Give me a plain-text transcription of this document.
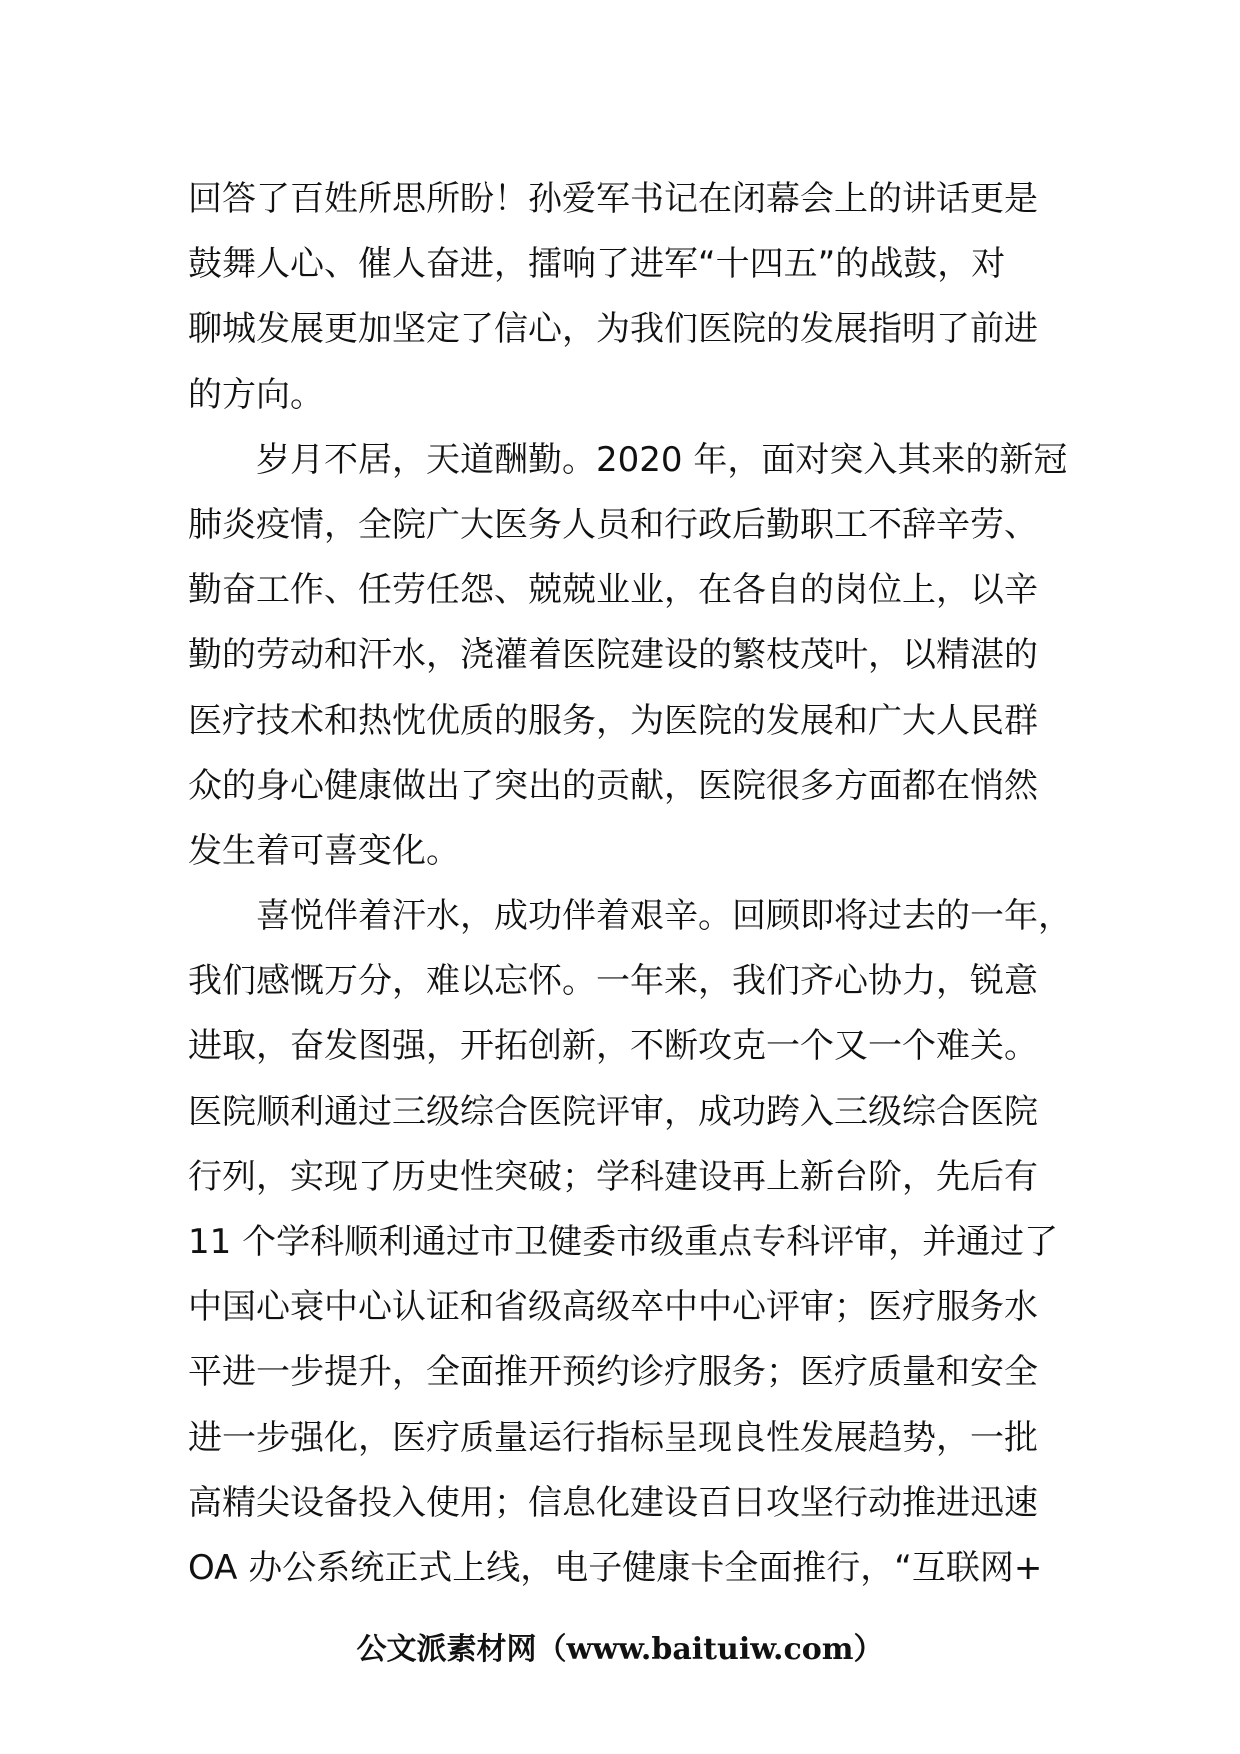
回答了百姓所思所盼！孙爱军书记在闭幕会上的讲话更是
鼓舞人心、催人奋进，擂响了进军“十四五”的战鼓，对
聊城发展更加坚定了信心，为我们医院的发展指明了前进
的方向。
岁月不居，天道酬勤。2020 年，面对突入其来的新冠
肺炎疫情，全院广大医务人员和行政后勤职工不辞辛劳、
勤奋工作、任劳任怨、兢兢业业，在各自的岗位上，以辛
勤的劳动和汗水，浇灌着医院建设的繁枝茂叶，以精湛的
医疗技术和热忱优质的服务，为医院的发展和广大人民群
众的身心健康做出了突出的贡献，医院很多方面都在悄然
发生着可喜变化。
喜悦伴着汗水，成功伴着艰辛。回顾即将过去的一年，
我们感慨万分，难以忘怀。一年来，我们齐心协力，锐意
进取，奋发图强，开拓创新，不断攻克一个又一个难关。
医院顺利通过三级综合医院评审，成功跨入三级综合医院
行列，实现了历史性突破；学科建设再上新台阶，先后有
11 个学科顺利通过市卫健委市级重点专科评审，并通过了
中国心衰中心认证和省级高级卒中中心评审；医疗服务水
平进一步提升，全面推开预约诊疗服务；医疗质量和安全
进一步强化，医疗质量运行指标呈现良性发展趋势，一批
高精尖设备投入使用；信息化建设百日攻坚行动推进迅速
OA 办公系统正式上线，电子健康卡全面推行，“互联网+
公文派素材网（www.baituiw.com）
